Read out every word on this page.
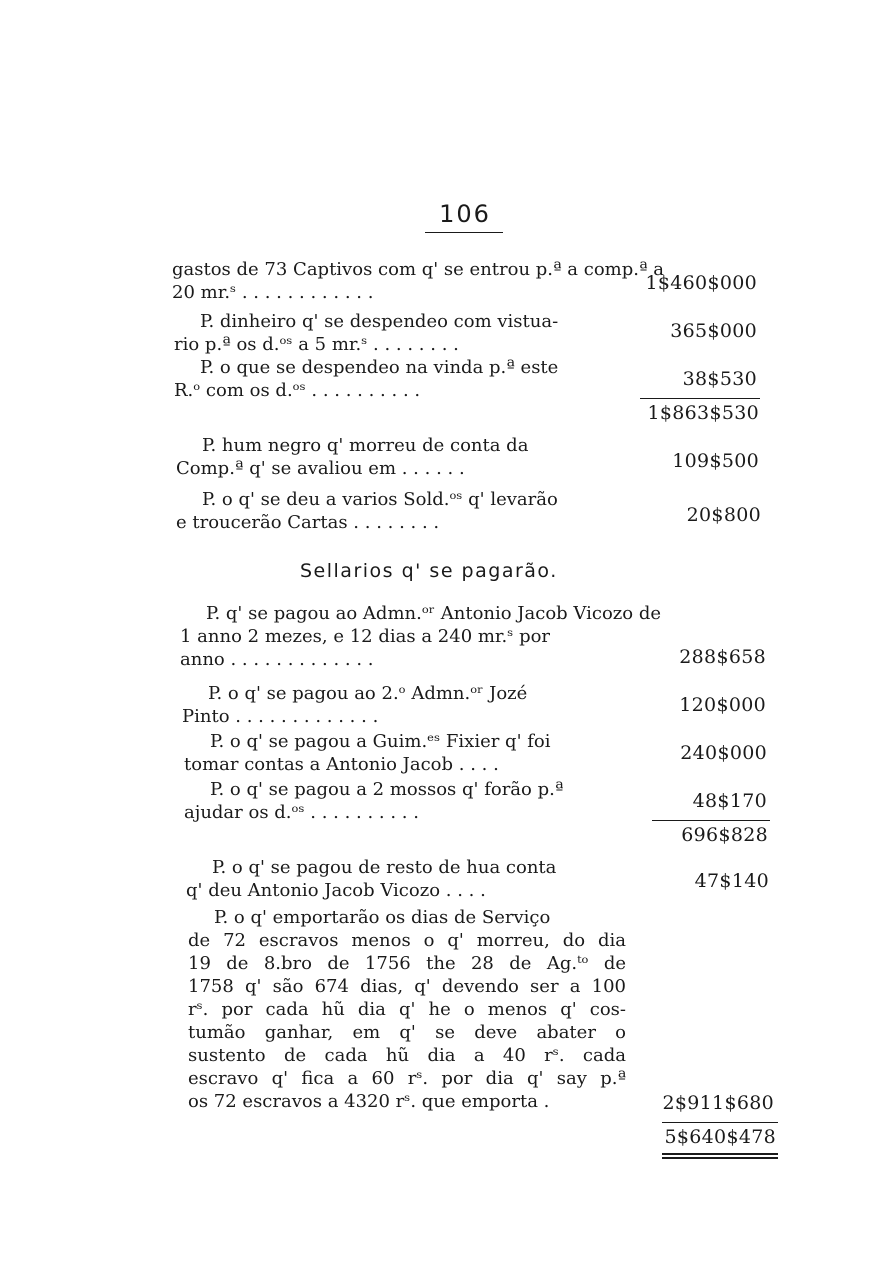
106
gastos de 73 Captivos com q' se entrou p.ª a comp.ª a
20 mr.ˢ . . . . . . . . . . . .	1$460$000
P. dinheiro q' se despendeo com vistua-
rio p.ª os d.ᵒˢ a 5 mr.ˢ . . . . . . . .
365$000
P. o que se despendeo na vinda p.ª este
R.ᵒ com os d.ᵒˢ . . . . . . . . . .
38$530
1$863$530
P. hum negro q' morreu de conta da
Comp.ª q' se avaliou em . . . . . .	109$500
P. o q' se deu a varios Sold.ᵒˢ q' levarão
e troucerão Cartas . . . . . . . .	20$800
Sellarios q' se pagarão.
P. q' se pagou ao Admn.ᵒʳ Antonio Jacob Vicozo de
1 anno 2 mezes, e 12 dias a 240 mr.ˢ por
anno . . . . . . . . . . . . .	288$658
P. o q' se pagou ao 2.ᵒ Admn.ᵒʳ Jozé
Pinto . . . . . . . . . . . . .
120$000
P. o q' se pagou a Guim.ᵉˢ Fixier q' foi
tomar contas a Antonio Jacob . . . .
240$000
P. o q' se pagou a 2 mossos q' forão p.ª
ajudar os d.ᵒˢ . . . . . . . . . .
48$170
696$828
P. o q' se pagou de resto de hua conta
q' deu Antonio Jacob Vicozo . . . .	47$140
P. o q' emportarão os dias de Serviço
de 72 escravos menos o q' morreu, do dia
19 de 8.bro de 1756 the 28 de Ag.ᵗᵒ de
1758 q' são 674 dias, q' devendo ser a 100
rˢ. por cada hũ dia q' he o menos q' cos-
tumão ganhar, em q' se deve abater o
sustento de cada hũ dia a 40 rˢ. cada
escravo q' fica a 60 rˢ. por dia q' say p.ª
os 72 escravos a 4320 rˢ. que emporta .	2$911$680
5$640$478
